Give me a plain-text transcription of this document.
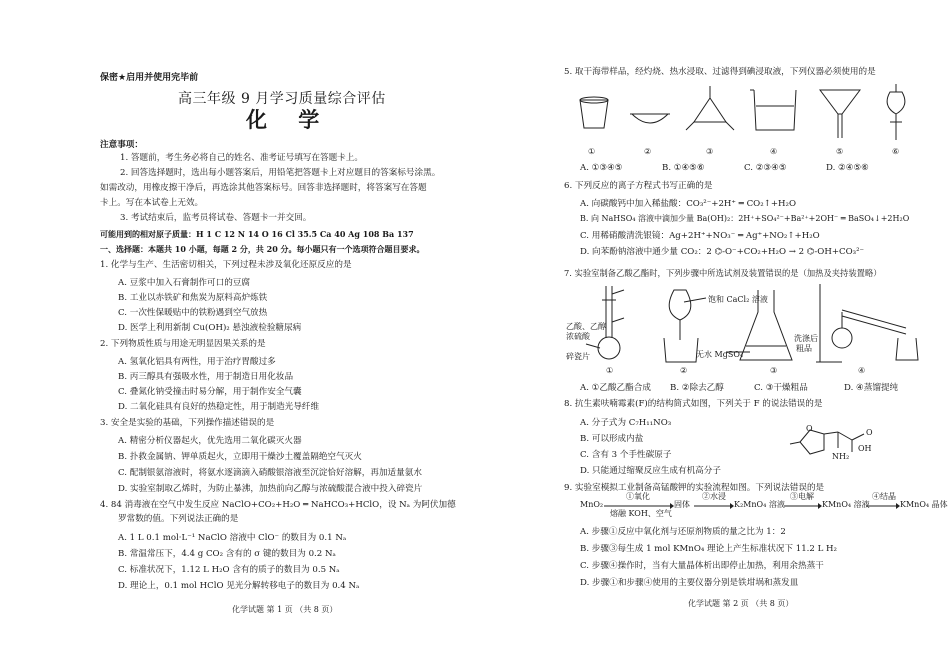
保密★启用并使用完毕前
高三年级 9 月学习质量综合评估
化 学
注意事项：
1. 答题前，考生务必将自己的姓名、准考证号填写在答题卡上。
2. 回答选择题时，选出每小题答案后，用铅笔把答题卡上对应题目的答案标号涂黑。
如需改动，用橡皮擦干净后，再选涂其他答案标号。回答非选择题时，将答案写在答题
卡上。写在本试卷上无效。
3. 考试结束后，监考员将试卷、答题卡一并交回。
可能用到的相对原子质量：H 1 C 12 N 14 O 16 Cl 35.5 Ca 40 Ag 108 Ba 137
一、选择题：本题共 10 小题，每题 2 分，共 20 分。每小题只有一个选项符合题目要求。
1. 化学与生产、生活密切相关，下列过程未涉及氧化还原反应的是
A. 豆浆中加入石膏制作可口的豆腐
B. 工业以赤铁矿和焦炭为原料高炉炼铁
C. 一次性保暖贴中的铁粉遇到空气放热
D. 医学上利用新制 Cu(OH)₂ 悬浊液检验糖尿病
2. 下列物质性质与用途无明显因果关系的是
A. 氢氧化铝具有两性，用于治疗胃酸过多
B. 丙三醇具有强吸水性，用于制造日用化妆品
C. 叠氮化钠受撞击时易分解，用于制作安全气囊
D. 二氧化硅具有良好的热稳定性，用于制造光导纤维
3. 安全是实验的基础，下列操作描述错误的是
A. 精密分析仪器起火，优先选用二氧化碳灭火器
B. 扑救金属钠、钾单质起火，立即用干燥沙土覆盖隔绝空气灭火
C. 配制银氨溶液时，将氨水逐滴滴入硝酸银溶液至沉淀恰好溶解，再加适量氨水
D. 实验室制取乙烯时，为防止暴沸，加热前向乙醇与浓硫酸混合液中投入碎瓷片
4. 84 消毒液在空气中发生反应 NaClO+CO₂+H₂O ═ NaHCO₃+HClO，设 Nₐ 为阿伏加德
罗常数的值。下列说法正确的是
A. 1 L 0.1 mol·L⁻¹ NaClO 溶液中 ClO⁻ 的数目为 0.1 Nₐ
B. 常温常压下，4.4 g CO₂ 含有的 σ 键的数目为 0.2 Nₐ
C. 标准状况下，1.12 L H₂O 含有的质子的数目为 0.5 Nₐ
D. 理论上，0.1 mol HClO 见光分解转移电子的数目为 0.4 Nₐ
化学试题 第 1 页 （共 8 页）
5. 取干海带样品，经灼烧、热水浸取、过滤得到碘浸取液，下列仪器必须使用的是
①	②	③	④	⑤	⑥
A. ①③④⑤	B. ①④⑤⑥	C. ②③④⑤	D. ②④⑤⑥
6. 下列反应的离子方程式书写正确的是
A. 向碳酸钙中加入稀盐酸：CO₃²⁻+2H⁺ ═ CO₂↑+H₂O
B. 向 NaHSO₄ 溶液中滴加少量 Ba(OH)₂：2H⁺+SO₄²⁻+Ba²⁺+2OH⁻ ═ BaSO₄↓+2H₂O
C. 用稀硝酸清洗银镜：Ag+2H⁺+NO₃⁻ ═ Ag⁺+NO₂↑+H₂O
D. 向苯酚钠溶液中通少量 CO₂：2 ⌬-O⁻+CO₂+H₂O → 2 ⌬-OH+CO₃²⁻
7. 实验室制备乙酸乙酯时，下列步骤中所选试剂及装置错误的是（加热及夹持装置略）
乙酸、乙醇
浓硫酸
碎瓷片
饱和 CaCl₂ 溶液
洗涤后
粗品
无水 MgSO₄
①	②	③	④
A. ①乙酸乙酯合成 B. ②除去乙醇	C. ③干燥粗品	D. ④蒸馏提纯
8. 抗生素呋喃霉素(F)的结构简式如图，下列关于 F 的说法错误的是
A. 分子式为 C₇H₁₁NO₃
B. 可以形成内盐
C. 含有 3 个手性碳原子
D. 只能通过缩聚反应生成有机高分子
O	O
OH
NH₂
9. 实验室模拟工业制备高锰酸钾的实验流程如图。下列说法错误的是
MnO₂
①氧化
熔融 KOH、空气
固体
②水浸
K₂MnO₄ 溶液
③电解
KMnO₄ 溶液
④结晶
KMnO₄ 晶体
A. 步骤①反应中氧化剂与还原剂物质的量之比为 1：2
B. 步骤③每生成 1 mol KMnO₄ 理论上产生标准状况下 11.2 L H₂
C. 步骤④操作时，当有大量晶体析出即停止加热，利用余热蒸干
D. 步骤①和步骤④使用的主要仪器分别是铁坩埚和蒸发皿
化学试题 第 2 页 （共 8 页）
